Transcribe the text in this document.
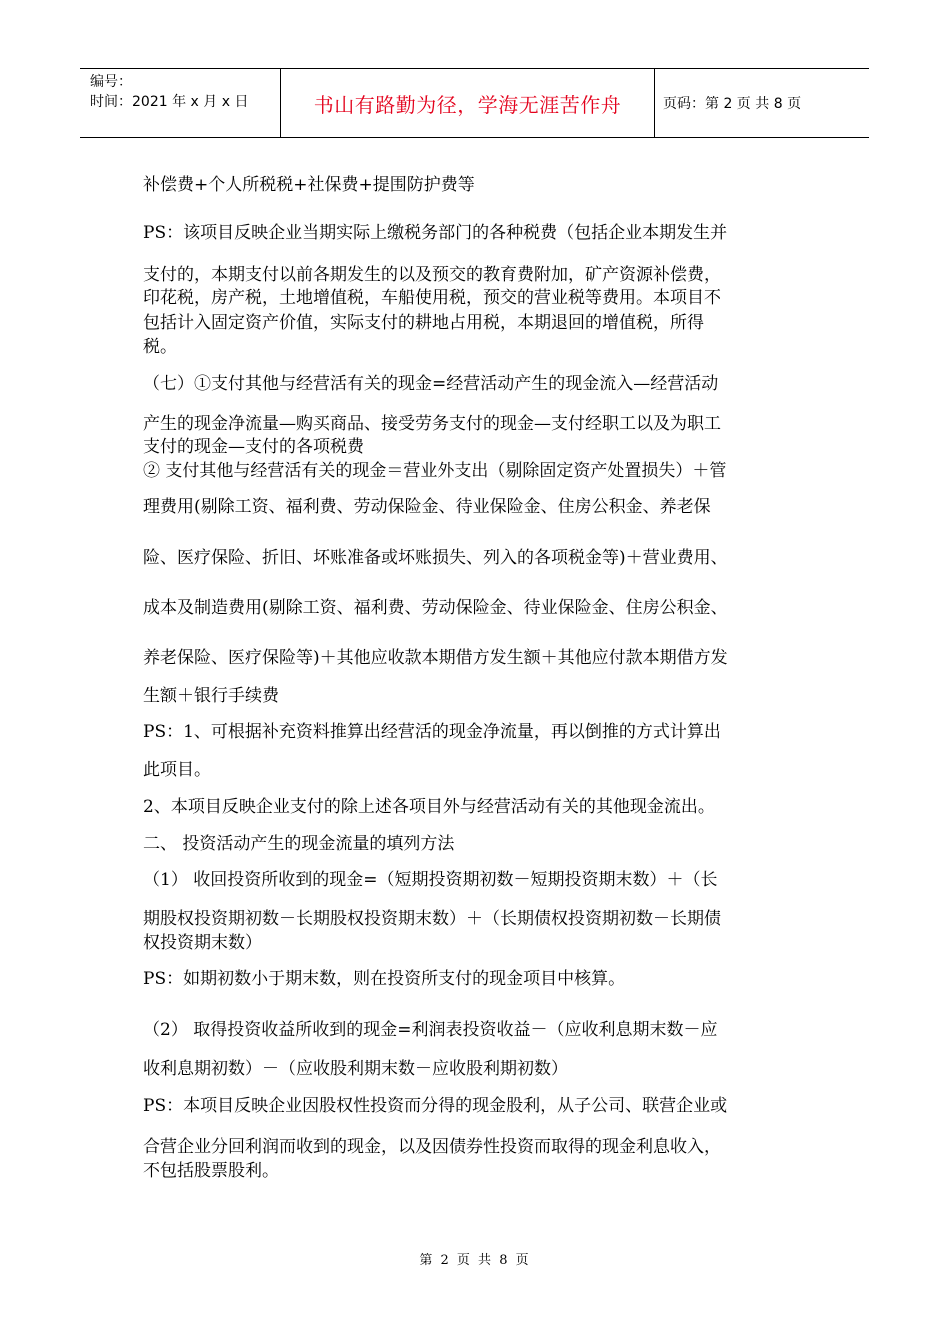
编号：
时间：2021 年 x 月 x 日	书山有路勤为径，学海无涯苦作舟	页码：第 2 页 共 8 页
补偿费+个人所税税+社保费+提围防护费等
PS：该项目反映企业当期实际上缴税务部门的各种税费（包括企业本期发生并
支付的，本期支付以前各期发生的以及预交的教育费附加，矿产资源补偿费，
印花税，房产税，土地增值税，车船使用税，预交的营业税等费用。本项目不
包括计入固定资产价值，实际支付的耕地占用税，本期退回的增值税，所得
税。
（七）①支付其他与经营活有关的现金=经营活动产生的现金流入—经营活动
产生的现金净流量—购买商品、接受劳务支付的现金—支付经职工以及为职工
支付的现金—支付的各项税费
② 支付其他与经营活有关的现金＝营业外支出（剔除固定资产处置损失）＋管
理费用(剔除工资、福利费、劳动保险金、待业保险金、住房公积金、养老保
险、医疗保险、折旧、坏账准备或坏账损失、列入的各项税金等)＋营业费用、
成本及制造费用(剔除工资、福利费、劳动保险金、待业保险金、住房公积金、
养老保险、医疗保险等)＋其他应收款本期借方发生额＋其他应付款本期借方发
生额＋银行手续费
PS：1、可根据补充资料推算出经营活的现金净流量，再以倒推的方式计算出
此项目。
2、本项目反映企业支付的除上述各项目外与经营活动有关的其他现金流出。
二、 投资活动产生的现金流量的填列方法
（1） 收回投资所收到的现金=（短期投资期初数－短期投资期末数）＋（长
期股权投资期初数－长期股权投资期末数）＋（长期债权投资期初数－长期债
权投资期末数）
PS：如期初数小于期末数，则在投资所支付的现金项目中核算。
（2） 取得投资收益所收到的现金=利润表投资收益－（应收利息期末数－应
收利息期初数）－（应收股利期末数－应收股利期初数）
PS：本项目反映企业因股权性投资而分得的现金股利，从子公司、联营企业或
合营企业分回利润而收到的现金，以及因债券性投资而取得的现金利息收入，
不包括股票股利。
第 2 页 共 8 页
